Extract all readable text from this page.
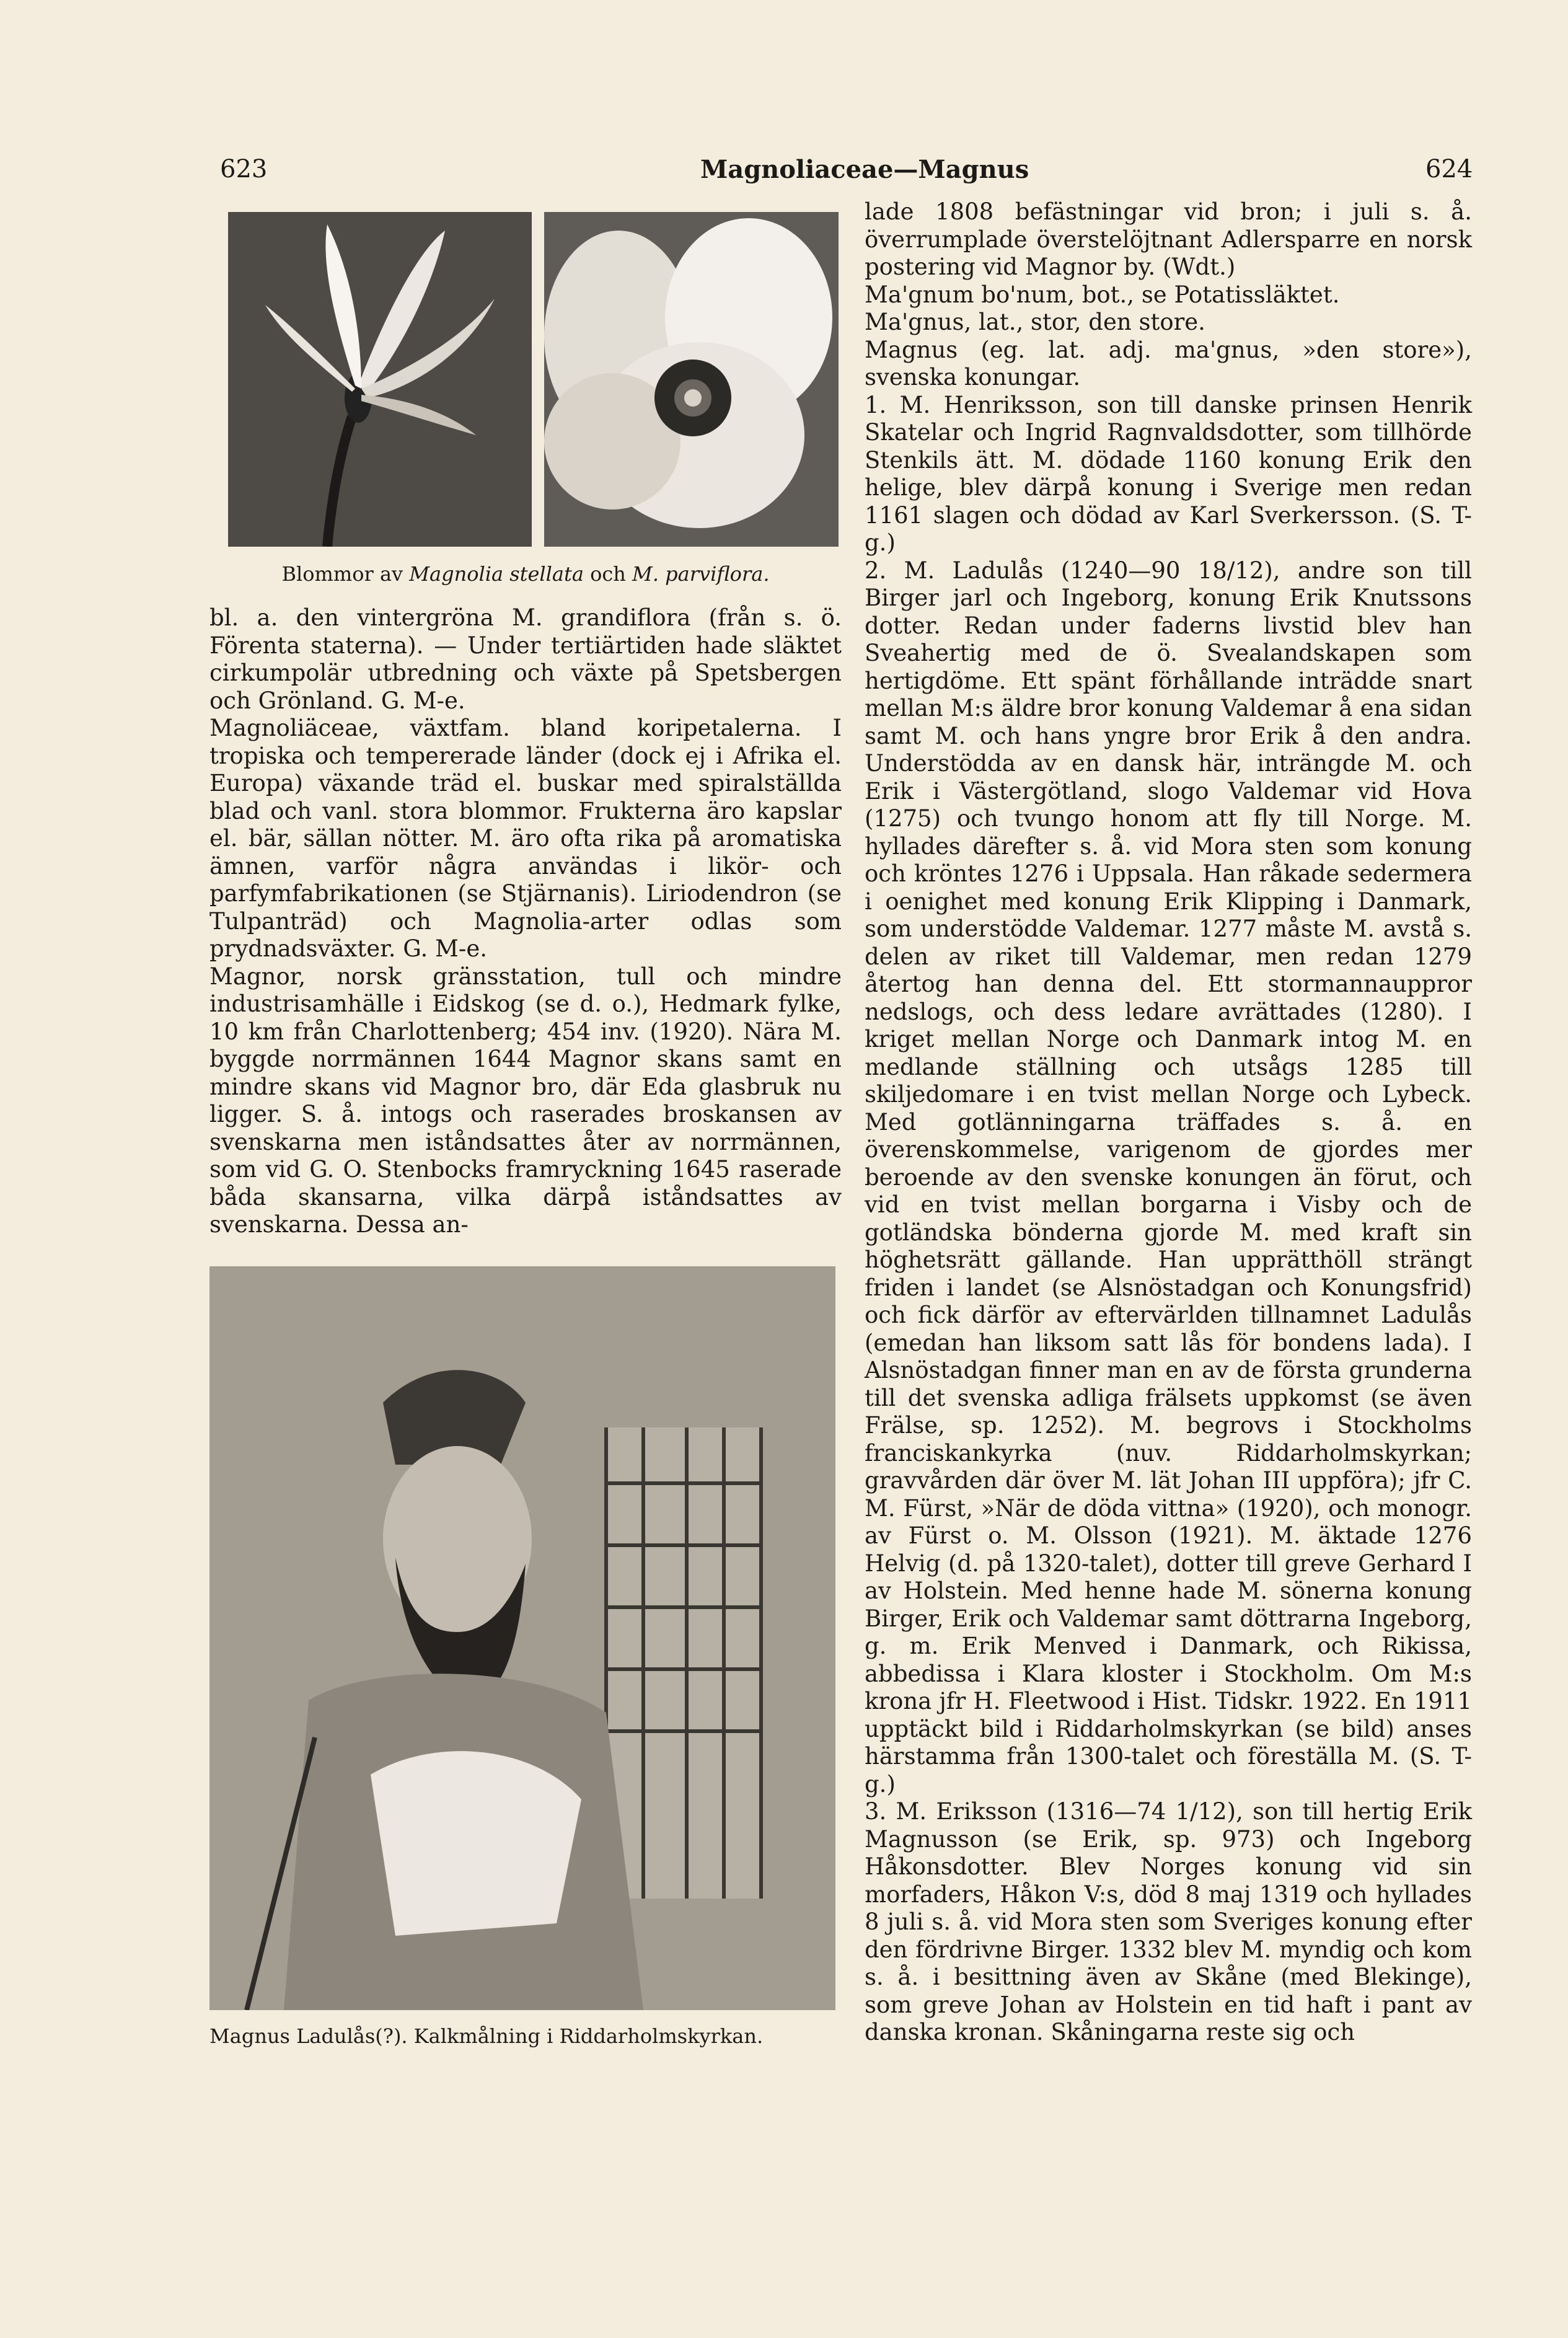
623	Magnoliaceae—Magnus	624
Blommor av Magnolia stellata och M. parviflora.

bl. a. den vintergröna M. grandiflora (från s. ö. Förenta staterna). — Under tertiärtiden hade släktet cirkumpolär utbredning och växte på Spetsbergen och Grönland. G. M-e.

Magnoliäceae, växtfam. bland koripetalerna. I tropiska och tempererade länder (dock ej i Afrika el. Europa) växande träd el. buskar med spiralställda blad och vanl. stora blommor. Frukterna äro kapslar el. bär, sällan nötter. M. äro ofta rika på aromatiska ämnen, varför några användas i likör- och parfymfabrikationen (se Stjärnanis). Liriodendron (se Tulpanträd) och Magnolia-arter odlas som prydnadsväxter. G. M-e.

Magnor, norsk gränsstation, tull och mindre industrisamhälle i Eidskog (se d. o.), Hedmark fylke, 10 km från Charlottenberg; 454 inv. (1920). Nära M. byggde norrmännen 1644 Magnor skans samt en mindre skans vid Magnor bro, där Eda glasbruk nu ligger. S. å. intogs och raserades broskansen av svenskarna men iståndsattes åter av norrmännen, som vid G. O. Stenbocks framryckning 1645 raserade båda skansarna, vilka därpå iståndsattes av svenskarna. Dessa an-

Magnus Ladulås(?). Kalkmålning i Riddarholmskyrkan.

lade 1808 befästningar vid bron; i juli s. å. överrumplade överstelöjtnant Adlersparre en norsk postering vid Magnor by. (Wdt.)

Ma'gnum bo'num, bot., se Potatissläktet.

Ma'gnus, lat., stor, den store.

Magnus (eg. lat. adj. ma'gnus, »den store»), svenska konungar.

1. M. Henriksson, son till danske prinsen Henrik Skatelar och Ingrid Ragnvaldsdotter, som tillhörde Stenkils ätt. M. dödade 1160 konung Erik den helige, blev därpå konung i Sverige men redan 1161 slagen och dödad av Karl Sverkersson. (S. T-g.)

2. M. Ladulås (1240—90 18/12), andre son till Birger jarl och Ingeborg, konung Erik Knutssons dotter. Redan under faderns livstid blev han Sveahertig med de ö. Svealandskapen som hertigdöme. Ett spänt förhållande inträdde snart mellan M:s äldre bror konung Valdemar å ena sidan samt M. och hans yngre bror Erik å den andra. Understödda av en dansk här, inträngde M. och Erik i Västergötland, slogo Valdemar vid Hova (1275) och tvungo honom att fly till Norge. M. hyllades därefter s. å. vid Mora sten som konung och kröntes 1276 i Uppsala. Han råkade sedermera i oenighet med konung Erik Klipping i Danmark, som understödde Valdemar. 1277 måste M. avstå s. delen av riket till Valdemar, men redan 1279 återtog han denna del. Ett stormannauppror nedslogs, och dess ledare avrättades (1280). I kriget mellan Norge och Danmark intog M. en medlande ställning och utsågs 1285 till skiljedomare i en tvist mellan Norge och Lybeck. Med gotlänningarna träffades s. å. en överenskommelse, varigenom de gjordes mer beroende av den svenske konungen än förut, och vid en tvist mellan borgarna i Visby och de gotländska bönderna gjorde M. med kraft sin höghetsrätt gällande. Han upprätthöll strängt friden i landet (se Alsnöstadgan och Konungsfrid) och fick därför av eftervärlden tillnamnet Ladulås (emedan han liksom satt lås för bondens lada). I Alsnöstadgan finner man en av de första grunderna till det svenska adliga frälsets uppkomst (se även Frälse, sp. 1252). M. begrovs i Stockholms franciskankyrka (nuv. Riddarholmskyrkan; gravvården där över M. lät Johan III uppföra); jfr C. M. Fürst, »När de döda vittna» (1920), och monogr. av Fürst o. M. Olsson (1921). M. äktade 1276 Helvig (d. på 1320-talet), dotter till greve Gerhard I av Holstein. Med henne hade M. sönerna konung Birger, Erik och Valdemar samt döttrarna Ingeborg, g. m. Erik Menved i Danmark, och Rikissa, abbedissa i Klara kloster i Stockholm. Om M:s krona jfr H. Fleetwood i Hist. Tidskr. 1922. En 1911 upptäckt bild i Riddarholmskyrkan (se bild) anses härstamma från 1300-talet och föreställa M. (S. T-g.)

3. M. Eriksson (1316—74 1/12), son till hertig Erik Magnusson (se Erik, sp. 973) och Ingeborg Håkonsdotter. Blev Norges konung vid sin morfaders, Håkon V:s, död 8 maj 1319 och hyllades 8 juli s. å. vid Mora sten som Sveriges konung efter den fördrivne Birger. 1332 blev M. myndig och kom s. å. i besittning även av Skåne (med Blekinge), som greve Johan av Holstein en tid haft i pant av danska kronan. Skåningarna reste sig och
